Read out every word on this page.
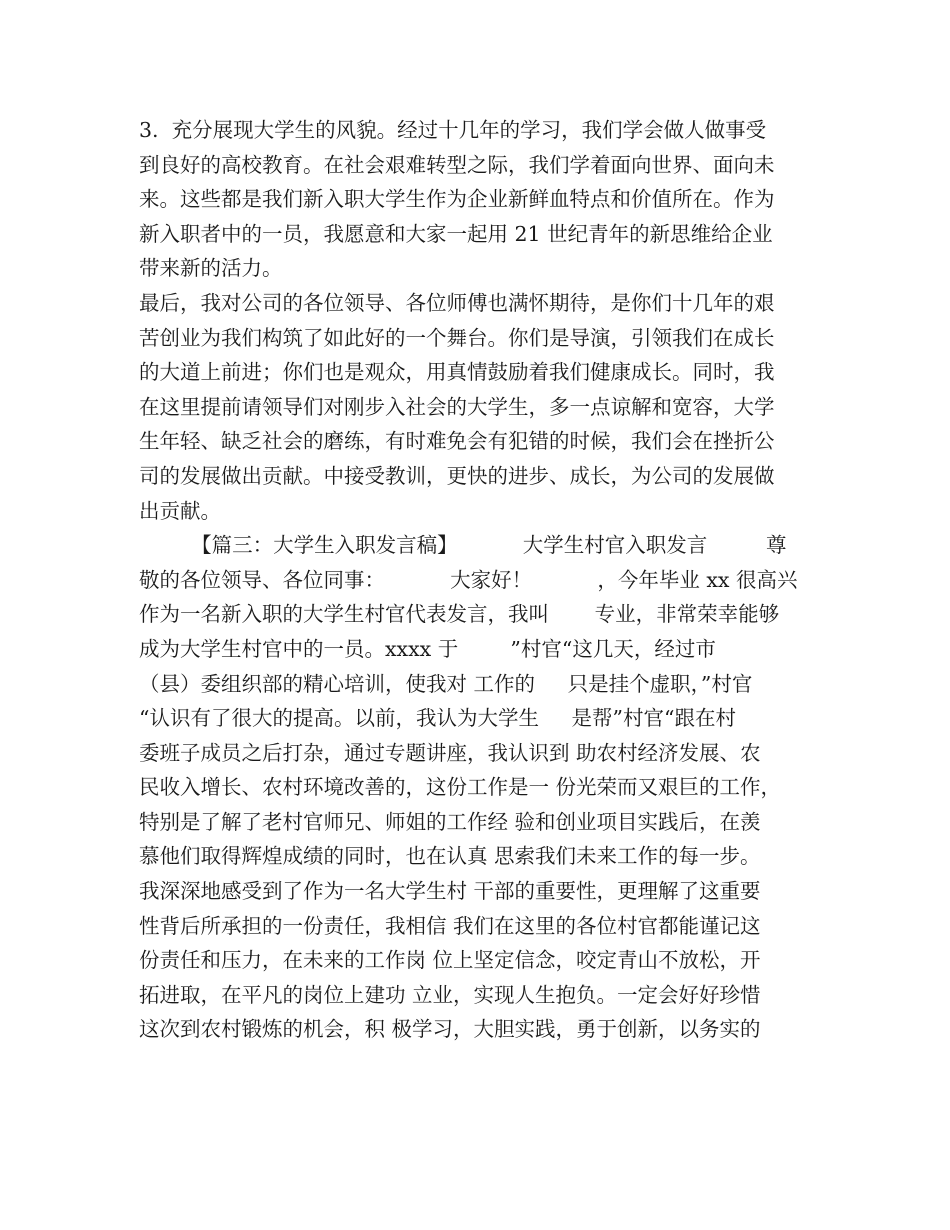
3.  充分展现大学生的风貌。经过十几年的学习，我们学会做人做事受
到良好的高校教育。在社会艰难转型之际，我们学着面向世界、面向未
来。这些都是我们新入职大学生作为企业新鲜血特点和价值所在。作为
新入职者中的一员，我愿意和大家一起用 21 世纪青年的新思维给企业
带来新的活力。
最后，我对公司的各位领导、各位师傅也满怀期待，是你们十几年的艰
苦创业为我们构筑了如此好的一个舞台。你们是导演，引领我们在成长
的大道上前进；你们也是观众，用真情鼓励着我们健康成长。同时，我
在这里提前请领导们对刚步入社会的大学生，多一点谅解和宽容，大学
生年轻、缺乏社会的磨练，有时难免会有犯错的时候，我们会在挫折公
司的发展做出贡献。中接受教训，更快的进步、成长，为公司的发展做
出贡献。
【篇三：大学生入职发言稿】          大学生村官入职发言         尊
敬的各位领导、各位同事：          大家好！          ，今年毕业 xx 很高兴
作为一名新入职的大学生村官代表发言，我叫       专业，非常荣幸能够
成为大学生村官中的一员。xxxx 于        ”村官“这几天，经过市
（县）委组织部的精心培训，使我对 工作的     只是挂个虚职，”村官
“认识有了很大的提高。以前，我认为大学生     是帮”村官“跟在村
委班子成员之后打杂，通过专题讲座，我认识到 助农村经济发展、农
民收入增长、农村环境改善的，这份工作是一 份光荣而又艰巨的工作，
特别是了解了老村官师兄、师姐的工作经 验和创业项目实践后，在羡
慕他们取得辉煌成绩的同时，也在认真 思索我们未来工作的每一步。
我深深地感受到了作为一名大学生村 干部的重要性，更理解了这重要
性背后所承担的一份责任，我相信 我们在这里的各位村官都能谨记这
份责任和压力，在未来的工作岗 位上坚定信念，咬定青山不放松，开
拓进取，在平凡的岗位上建功 立业，实现人生抱负。一定会好好珍惜
这次到农村锻炼的机会，积 极学习，大胆实践，勇于创新，以务实的
